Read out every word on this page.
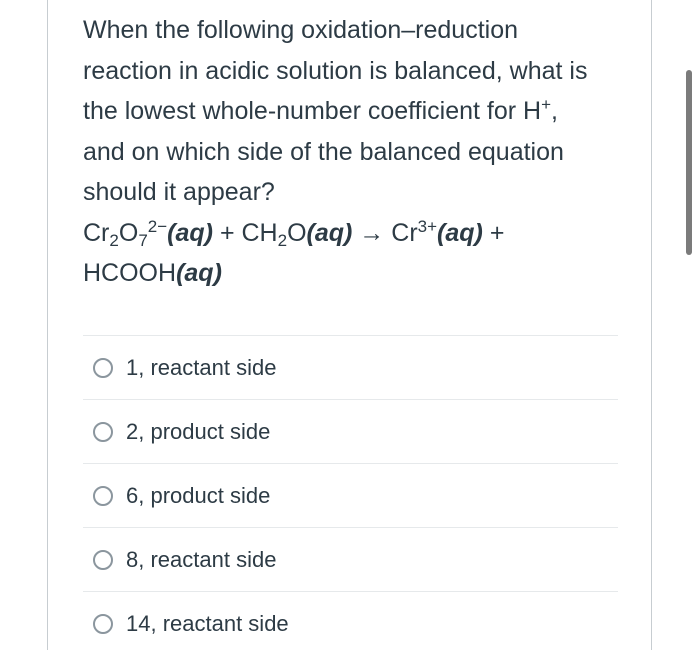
When the following oxidation–reduction

reaction in acidic solution is balanced, what is

the lowest whole-number coefficient for H+,

and on which side of the balanced equation

should it appear?

$Cr_2O_7^{2-}(aq) + CH_2O(aq) \to Cr^{3+}(aq)$ +

HCOOH(aq)

1, reactant side
2, product side
6, product side
8, reactant side
14, reactant side
